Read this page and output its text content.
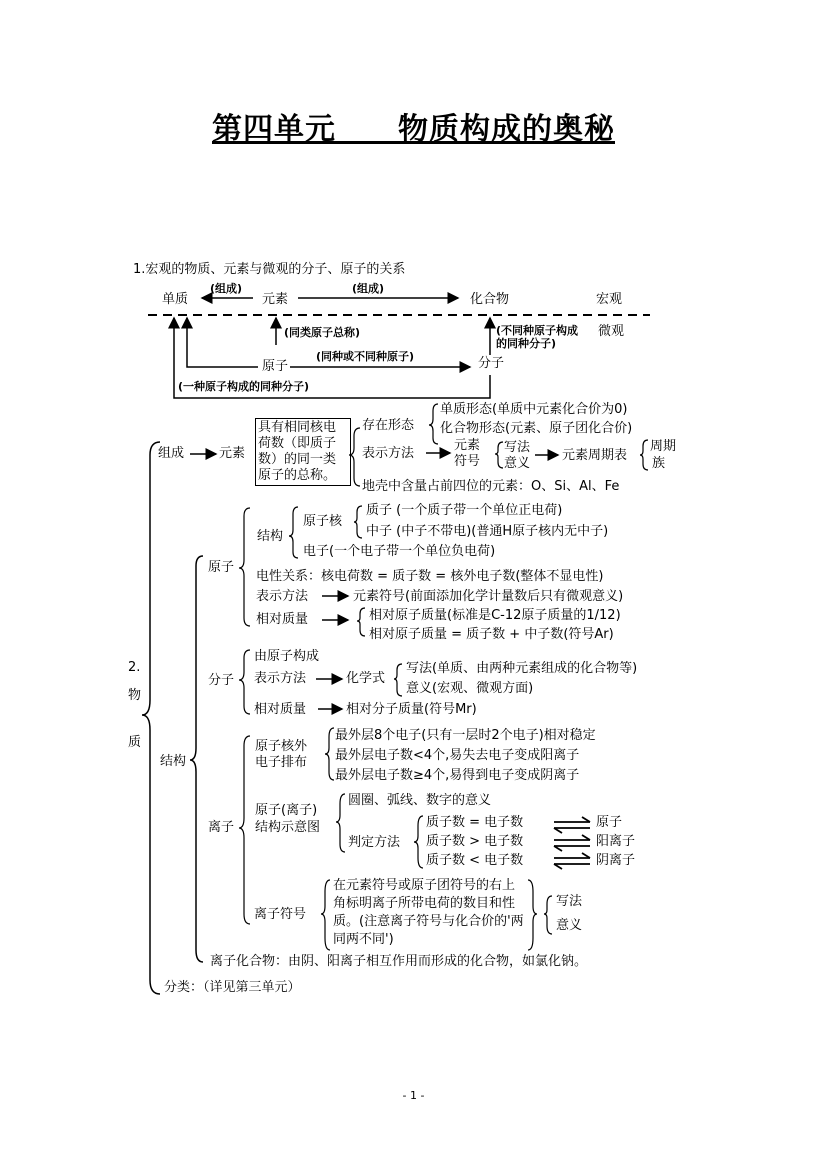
第四单元　　物质构成的奥秘
1.宏观的物质、元素与微观的分子、原子的关系
单质
(组成)
元素
(组成)
化合物	宏观
(同类原子总称)	(不同种原子构成的同种分子)
微观
原子
(同种或不同种原子)	分子
(一种原子构成的同种分子)
2.
物
质
组成	元素
具有相同核电荷数（即质子数）的同一类原子的总称。
存在形态
单质形态(单质中元素化合价为0)
化合物形态(元素、原子团化合价)
表示方法
元素
符号
写法
意义
元素周期表
周期
族
地壳中含量占前四位的元素：O、Si、Al、Fe
结构
原子
结构
原子核
质子 (一个质子带一个单位正电荷)
中子 (中子不带电)(普通H原子核内无中子)
电子(一个电子带一个单位负电荷)
电性关系：核电荷数 = 质子数 = 核外电子数(整体不显电性)
表示方法	元素符号(前面添加化学计量数后只有微观意义)
相对质量	相对原子质量(标准是C-12原子质量的1/12)
相对原子质量 = 质子数 + 中子数(符号Ar)
分子
由原子构成
表示方法	化学式
写法(单质、由两种元素组成的化合物等)
意义(宏观、微观方面)
相对质量	相对分子质量(符号Mr)
离子
原子核外
电子排布
最外层8个电子(只有一层时2个电子)相对稳定
最外层电子数<4个,易失去电子变成阳离子
最外层电子数≥4个,易得到电子变成阴离子
原子(离子)
结构示意图
圆圈、弧线、数字的意义
判定方法
质子数 = 电子数	原子
质子数 > 电子数	阳离子
质子数 < 电子数	阴离子
离子符号
在元素符号或原子团符号的右上角标明离子所带电荷的数目和性质。(注意离子符号与化合价的'两同两不同')
写法
意义
离子化合物：由阴、阳离子相互作用而形成的化合物，如氯化钠。
分类：（详见第三单元）
- 1 -
